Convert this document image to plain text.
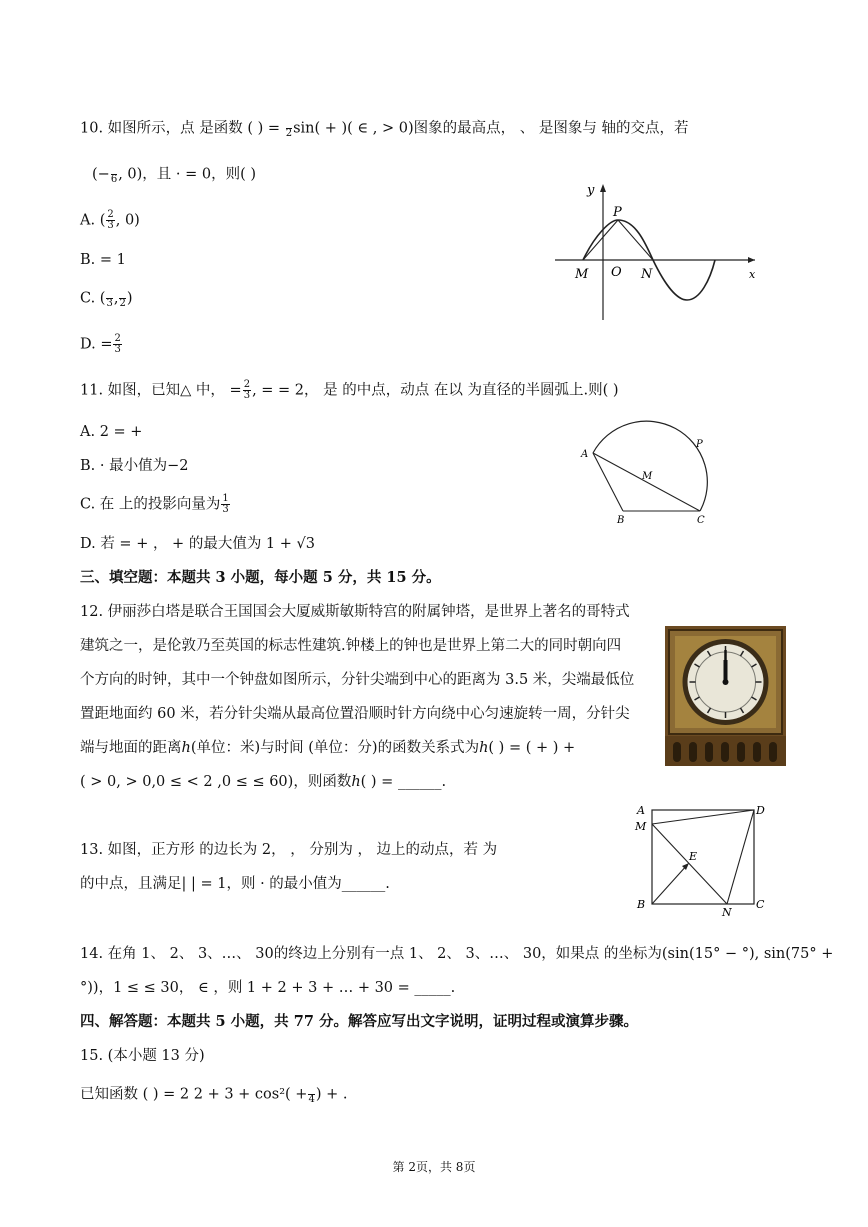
10. 如图所示，点 是函数 ( ) =
2 sin( + )( ∈ , > 0)图象的最高点， 、 是图象与 轴的交点，若
(−
6 , 0)，且 · = 0，则( )
A. ( $\frac{2}{3}$ , 0)
B. = 1
C. (
3 ,
2 )
D. = $\frac{2}{3}$
y
P
M O N	x
11. 如图，已知△ 中， = $\frac{2}{3}$ , = = 2， 是 的中点，动点 在以 为直径的半圆弧上.则( )
A. 2 = +
B. · 最小值为−2
C. 在 上的投影向量为 $\frac{1}{3}$
D. 若 = + ， + 的最大值为 1 + √3
A
B	C
M
P
三、填空题：本题共 3 小题，每小题 5 分，共 15 分。
12. 伊丽莎白塔是联合王国国会大厦威斯敏斯特宫的附属钟塔，是世界上著名的哥特式
建筑之一，是伦敦乃至英国的标志性建筑.钟楼上的钟也是世界上第二大的同时朝向四
个方向的时钟，其中一个钟盘如图所示，分针尖端到中心的距离为 3.5 米，尖端最低位
置距地面约 60 米，若分针尖端从最高位置沿顺时针方向绕中心匀速旋转一周，分针尖
端与地面的距离ℎ(单位：米)与时间 (单位：分)的函数关系式为ℎ( ) = ( + ) +
( > 0, > 0,0 ≤ < 2 ,0 ≤ ≤ 60)，则函数ℎ( ) = ______.
A	D
M
E
B
N
C
13. 如图，正方形 的边长为 2， ， 分别为 ， 边上的动点，若 为
的中点，且满足| | = 1，则 · 的最小值为______.
14. 在角 1、 2、 3、…、 30的终边上分别有一点 1、 2、 3、…、 30，如果点 的坐标为(sin(15° − °), sin(75° +
°))，1 ≤ ≤ 30， ∈ ，则 1 + 2 + 3 + … + 30 = _____.
四、解答题：本题共 5 小题，共 77 分。解答应写出文字说明，证明过程或演算步骤。
15. (本小题 13 分)
已知函数 ( ) = 2 2 + 3 + cos²( +
4 ) + .
第 2页，共 8页
